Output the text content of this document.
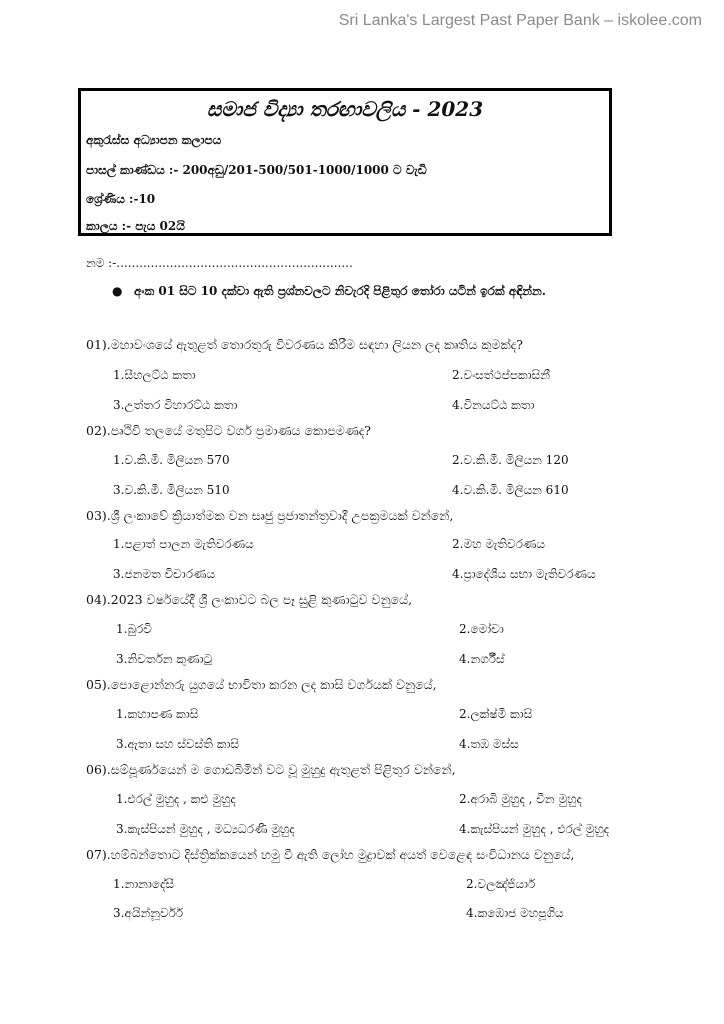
Sri Lanka's Largest Past Paper Bank – iskolee.com
සමාජ විද්‍යා තරඟාවලිය - 2023
අකුරැස්ස අධ්‍යාපන කලාපය
පාසල් කාණ්ඩය :- 200අඩු/201-500/501-1000/1000 ට වැඩි
ශ්‍රේණිය :-10
කාලය :- පැය 02යි
නම :-..............................................................
● අංක 01 සිට 10 දක්වා ඇති ප්‍රශ්නවලට නිවැරදි පිළිතුර තෝරා යටින් ඉරක් අඳින්න.
01).මහාවංශයේ ඇතුළත් තොරතුරු විවරණය කිරීම සඳහා ලියන ලද කෘතිය කුමක්ද?
1.සීහලට්ඨ කතා	2.වංසත්ථප්පකාසිනී
3.උත්තර විහාරට්ඨ කතා	4.විනයට්ඨ කතා
02).පෘථිවි තලයේ මතුපිට වර්ග ප්‍රමාණය කොපමණද?
1.ව.කි.මී. මිලියන 570	2.ව.කි.මී. මිලියන 120
3.ව.කි.මී. මිලියන 510	4.ව.කි.මී. මිලියන 610
03).ශ්‍රී ලංකාවේ ක්‍රියාත්මක වන සෘජු ප්‍රජාතන්ත්‍රවාදී උපක්‍රමයක් වන්නේ,
1.පළාත් පාලන මැතිවරණය	2.මහ මැතිවරණය
3.ජනමත විචාරණය	4.ප්‍රාදේශීය සභා මැතිවරණය
04).2023 වර්ෂයේදී ශ්‍රී ලංකාවට බල පෑ සුළි කුණාටුව වනුයේ,
1.බුරවි	2.මෝචා
3.නිවර්තන කුණාටු	4.නර්ගීස්
05).පොළොන්නරු යුගයේ භාවිතා කරන ලද කාසි වර්ගයක් වනුයේ,
1.කහාපණ කාසි	2.ලක්ෂ්මී කාසි
3.ඇතා සහ ස්වස්ති කාසි	4.තඹ මස්ස
06).සම්පූර්ණයෙන් ම ගොඩබිමින් වට වූ මුහුදු ඇතුළත් පිළිතුර වන්නේ,
1.එරල් මුහුද , කළු මුහුද	2.අරාබි මුහුද , චීන මුහුද
3.කැස්පියන් මුහුද , මධ්‍යධරණී මුහුද	4.කැස්පියන් මුහුද , එරල් මුහුද
07).හම්බන්තොට දිස්ත්‍රික්කයෙන් හමු වී ඇති ලෝහ මුද්‍රාවක් අයත් වෙළෙඳ සංවිධානය වනුයේ,
1.නානාදේසී	2.වලඤ්ජියාර්
3.අයින්නූර්වර්	4.කඹොජ මහපූගිය
